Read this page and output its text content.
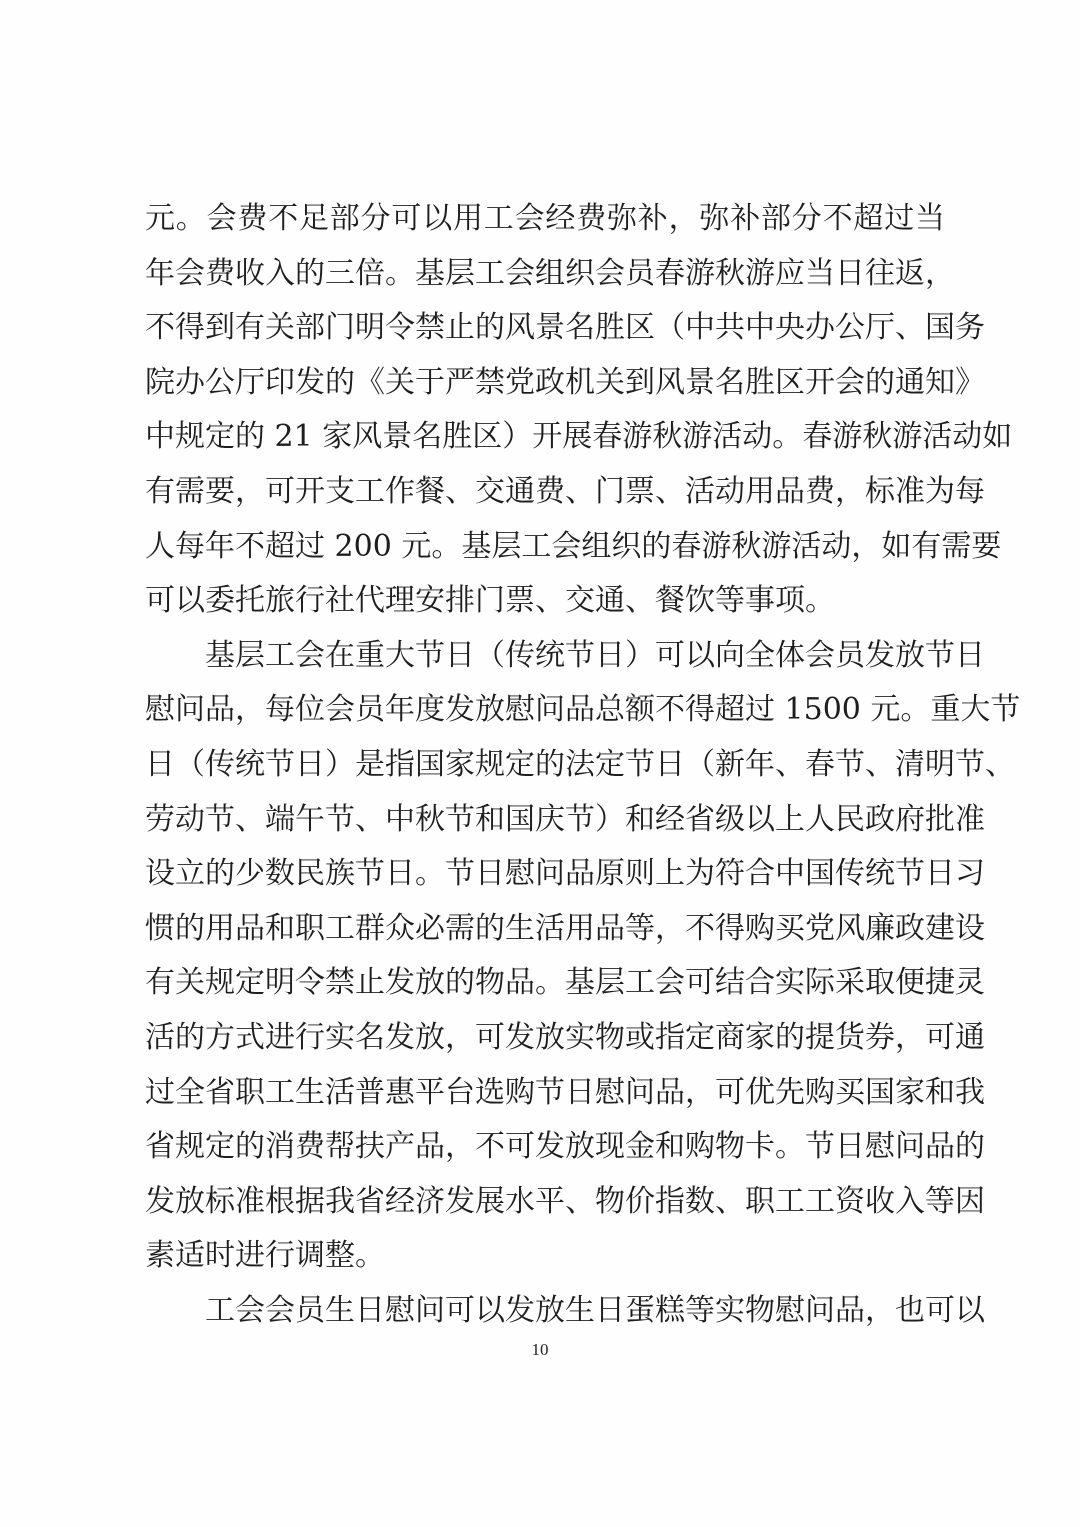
元。会费不足部分可以用工会经费弥补，弥补部分不超过当
年会费收入的三倍。基层工会组织会员春游秋游应当日往返，
不得到有关部门明令禁止的风景名胜区（中共中央办公厅、国务
院办公厅印发的《关于严禁党政机关到风景名胜区开会的通知》
中规定的 21 家风景名胜区）开展春游秋游活动。春游秋游活动如
有需要，可开支工作餐、交通费、门票、活动用品费，标准为每
人每年不超过 200 元。基层工会组织的春游秋游活动，如有需要
可以委托旅行社代理安排门票、交通、餐饮等事项。
基层工会在重大节日（传统节日）可以向全体会员发放节日
慰问品，每位会员年度发放慰问品总额不得超过 1500 元。重大节
日（传统节日）是指国家规定的法定节日（新年、春节、清明节、
劳动节、端午节、中秋节和国庆节）和经省级以上人民政府批准
设立的少数民族节日。节日慰问品原则上为符合中国传统节日习
惯的用品和职工群众必需的生活用品等，不得购买党风廉政建设
有关规定明令禁止发放的物品。基层工会可结合实际采取便捷灵
活的方式进行实名发放，可发放实物或指定商家的提货券，可通
过全省职工生活普惠平台选购节日慰问品，可优先购买国家和我
省规定的消费帮扶产品，不可发放现金和购物卡。节日慰问品的
发放标准根据我省经济发展水平、物价指数、职工工资收入等因
素适时进行调整。
工会会员生日慰问可以发放生日蛋糕等实物慰问品，也可以
10
